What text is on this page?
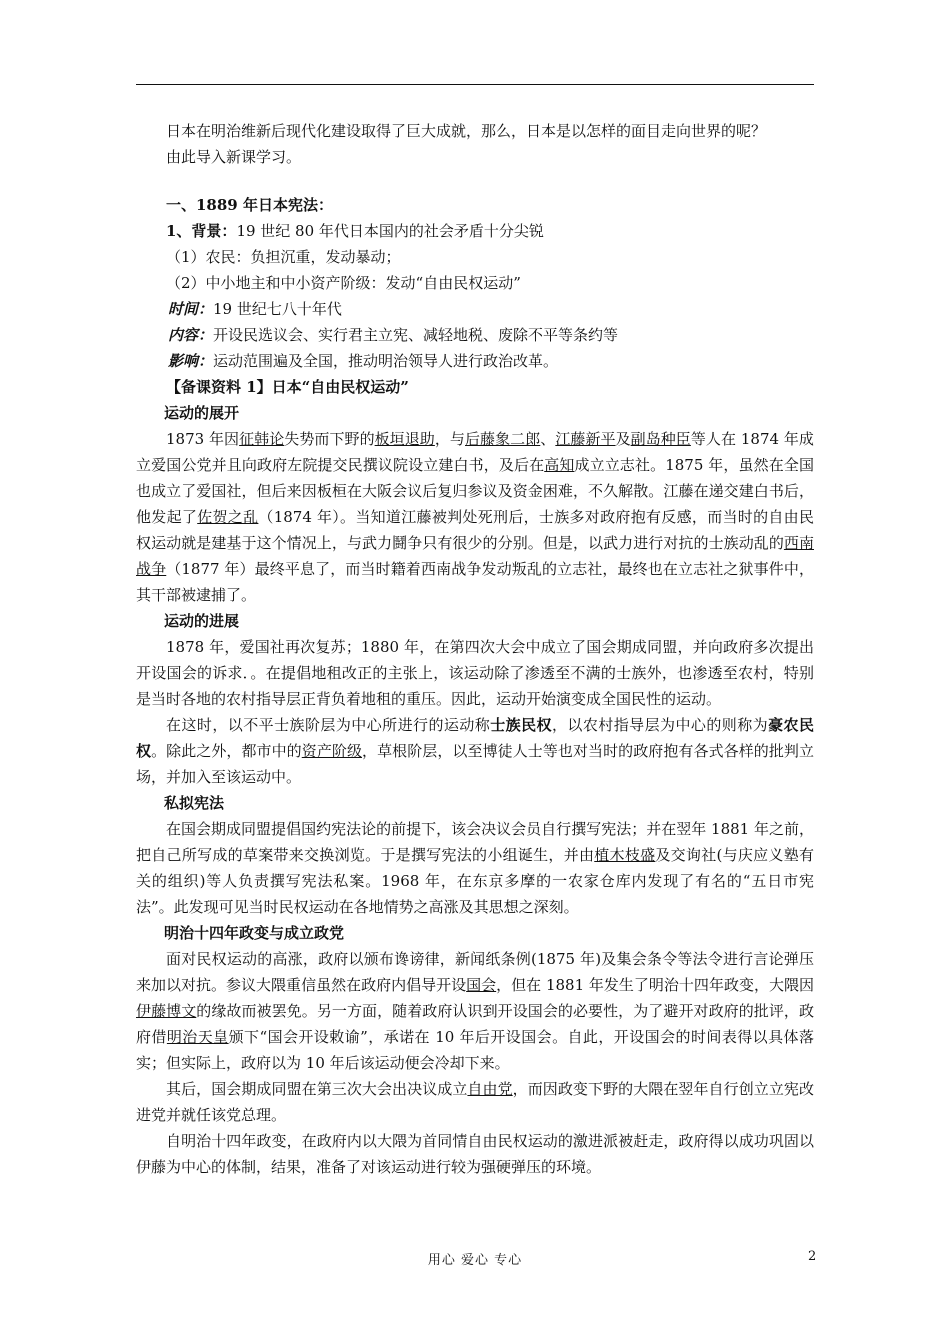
日本在明治维新后现代化建设取得了巨大成就，那么，日本是以怎样的面目走向世界的呢？
由此导入新课学习。
一、1889 年日本宪法：
1、背景：19 世纪 80 年代日本国内的社会矛盾十分尖锐
（1）农民：负担沉重，发动暴动；
（2）中小地主和中小资产阶级：发动“自由民权运动”
时间：19 世纪七八十年代
内容：开设民选议会、实行君主立宪、减轻地税、废除不平等条约等
影响：运动范围遍及全国，推动明治领导人进行政治改革。
【备课资料 1】日本“自由民权运动”
运动的展开
1873 年因征韩论失势而下野的板垣退助，与后藤象二郎、江藤新平及副岛种臣等人在 1874 年成立爱国公党并且向政府左院提交民撰议院设立建白书，及后在高知成立立志社。1875 年，虽然在全国也成立了爱国社，但后来因板桓在大阪会议后复归参议及资金困难，不久解散。江藤在递交建白书后，他发起了佐贺之乱（1874 年）。当知道江藤被判处死刑后，士族多对政府抱有反感，而当时的自由民权运动就是建基于这个情况上，与武力鬪争只有很少的分别。但是，以武力进行对抗的士族动乱的西南战争（1877 年）最终平息了，而当时籍着西南战争发动叛乱的立志社，最终也在立志社之狱事件中，其干部被逮捕了。
运动的进展
1878 年，爱国社再次复苏；1880 年，在第四次大会中成立了国会期成同盟，并向政府多次提出开设国会的诉求．。在提倡地租改正的主张上，该运动除了渗透至不满的士族外，也渗透至农村，特别是当时各地的农村指导层正背负着地租的重压。因此，运动开始演变成全国民性的运动。
在这时，以不平士族阶层为中心所进行的运动称士族民权，以农村指导层为中心的则称为豪农民权。除此之外，都市中的资产阶级，草根阶层，以至博徒人士等也对当时的政府抱有各式各样的批判立场，并加入至该运动中。
私拟宪法
在国会期成同盟提倡国约宪法论的前提下，该会决议会员自行撰写宪法；并在翌年 1881 年之前，把自己所写成的草案带来交换浏览。于是撰写宪法的小组诞生，并由植木枝盛及交询社(与庆应义塾有关的组织)等人负责撰写宪法私案。1968 年，在东京多摩的一农家仓库内发现了有名的“五日市宪法”。此发现可见当时民权运动在各地情势之高涨及其思想之深刻。
明治十四年政变与成立政党
面对民权运动的高涨，政府以颁布谗谤律，新闻纸条例(1875 年)及集会条令等法令进行言论弹压来加以对抗。参议大隈重信虽然在政府内倡导开设国会，但在 1881 年发生了明治十四年政变，大隈因伊藤博文的缘故而被罢免。另一方面，随着政府认识到开设国会的必要性，为了避开对政府的批评，政府借明治天皇颁下“国会开设敕谕”，承诺在 10 年后开设国会。自此，开设国会的时间表得以具体落实；但实际上，政府以为 10 年后该运动便会冷却下来。
其后，国会期成同盟在第三次大会出决议成立自由党，而因政变下野的大隈在翌年自行创立立宪改进党并就任该党总理。
自明治十四年政变，在政府内以大隈为首同情自由民权运动的激进派被赶走，政府得以成功巩固以伊藤为中心的体制，结果，准备了对该运动进行较为强硬弹压的环境。
用心 爱心 专心	2
